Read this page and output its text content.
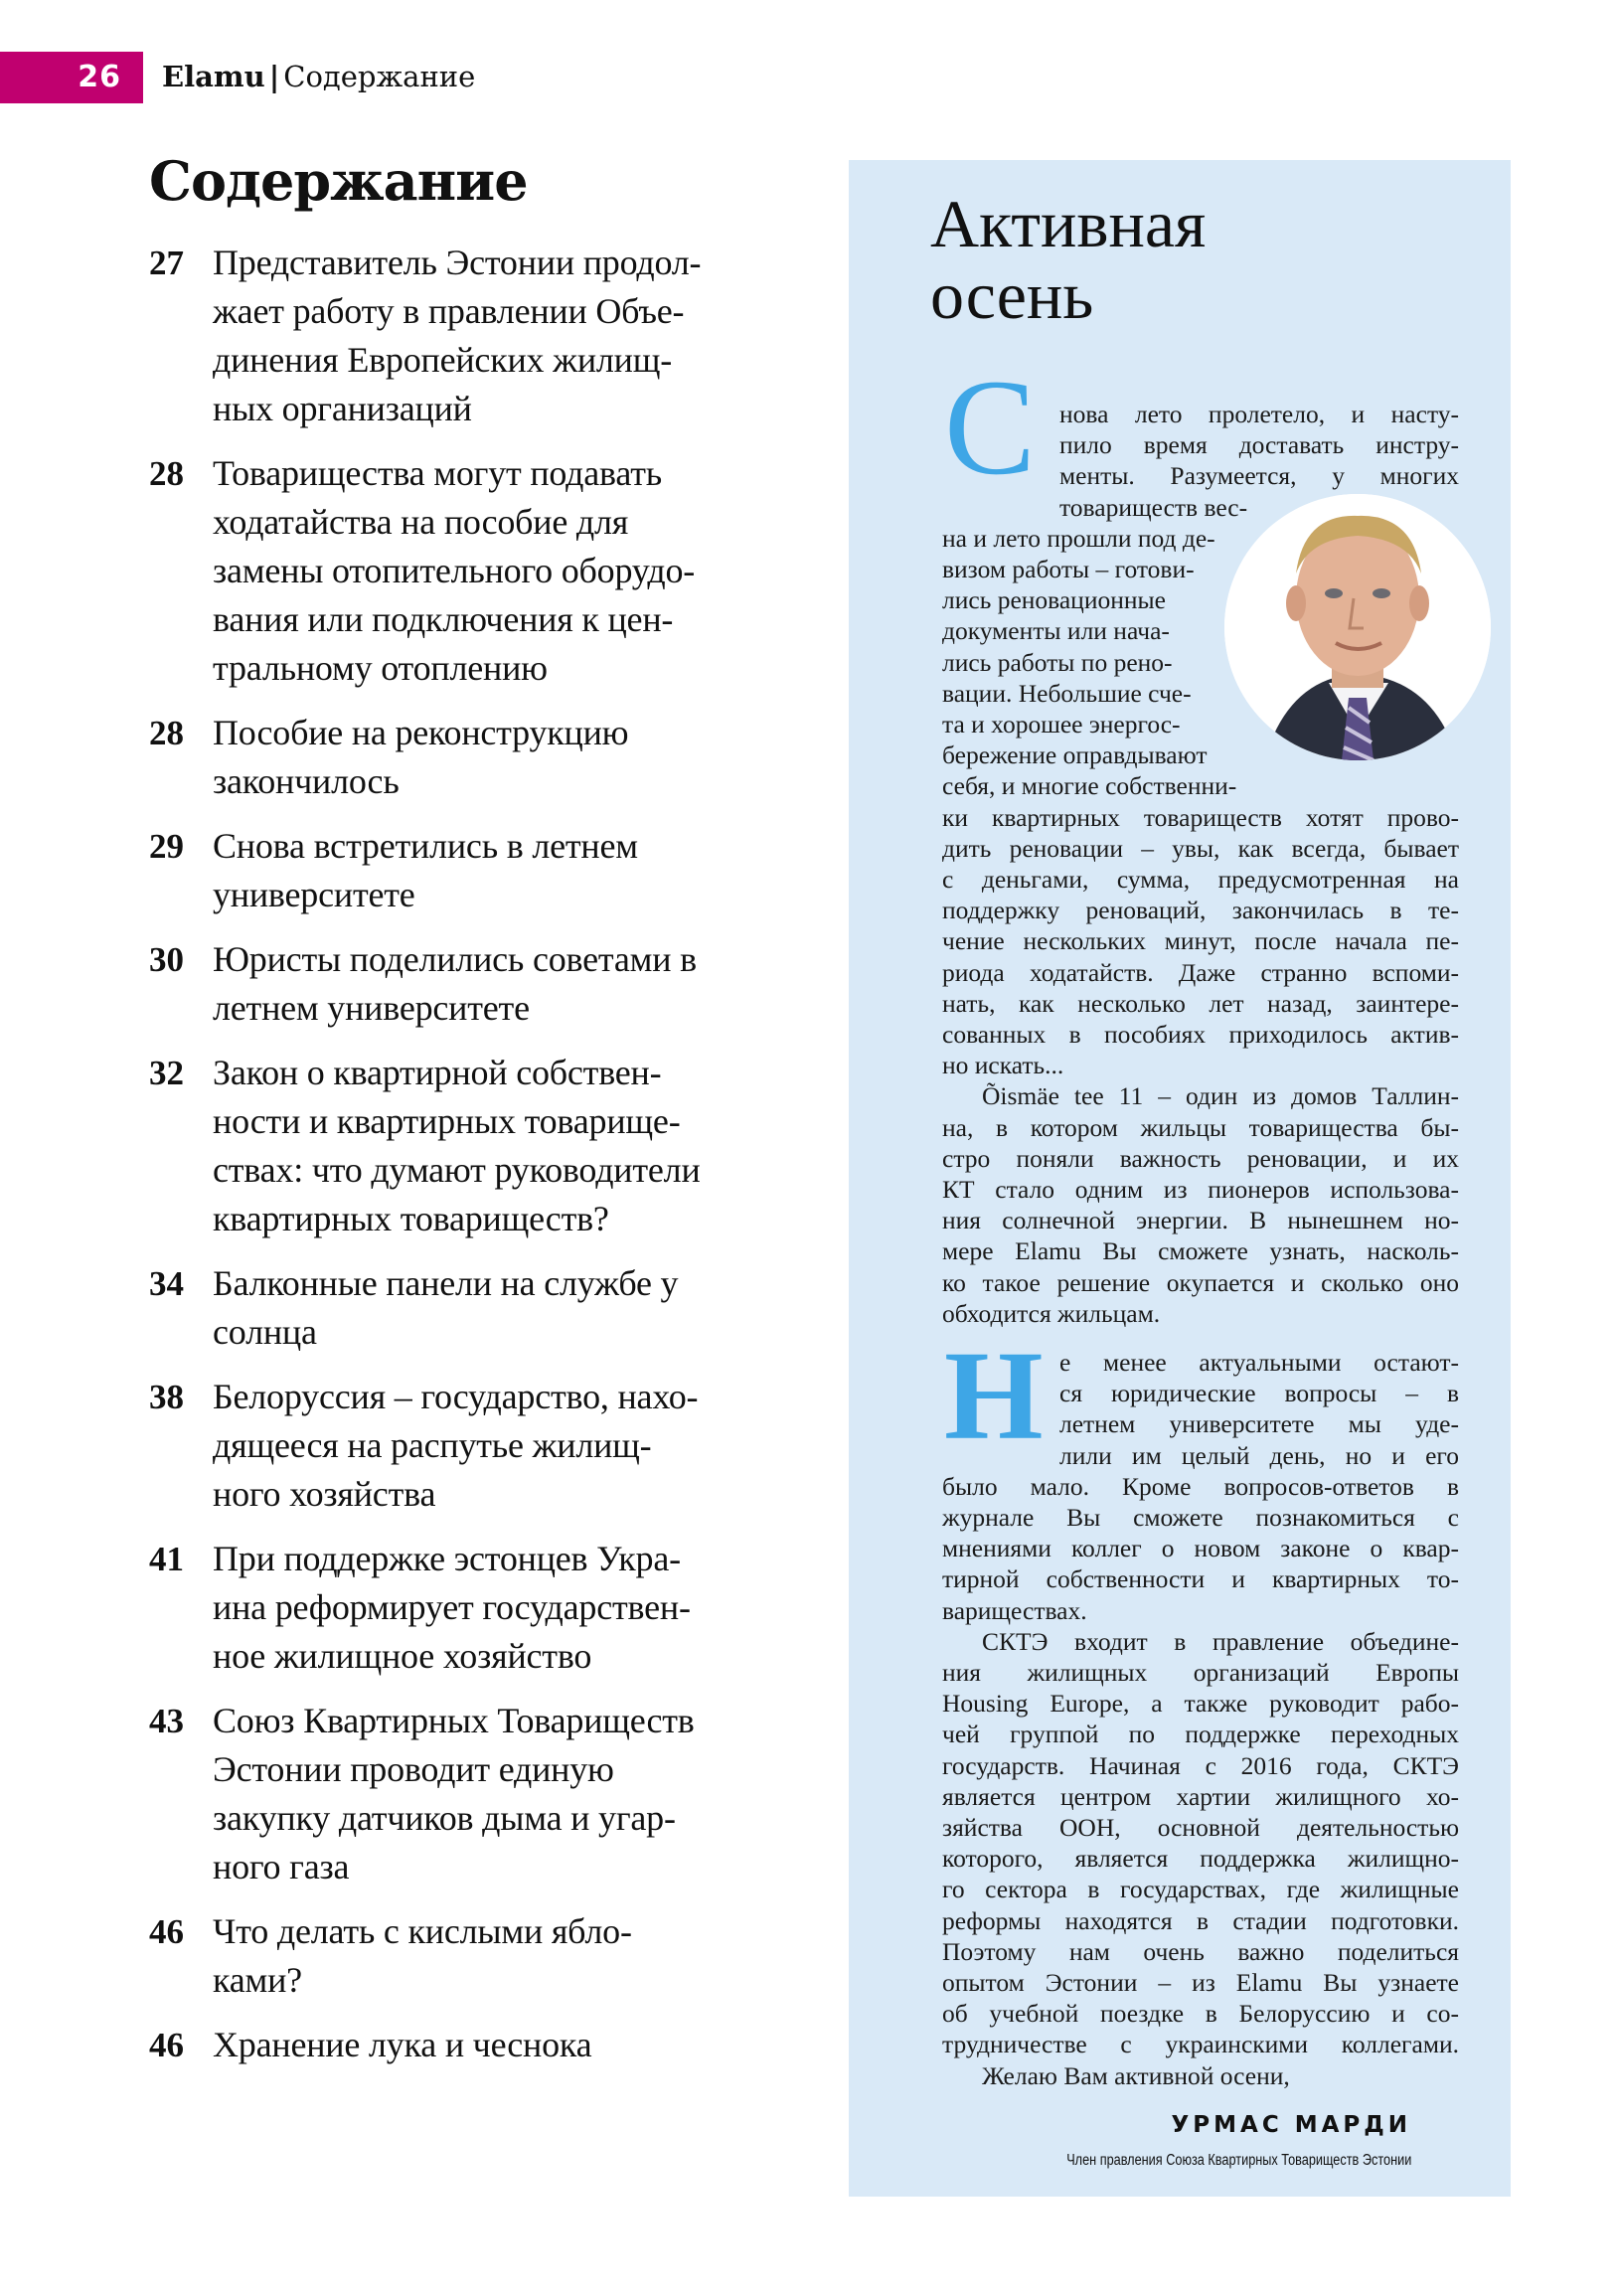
26 Elamu | Содержание
Содержание
27 Представитель Эстонии продол-
жает работу в правлении Объе-
динения Европейских жилищ-
ных организаций
28 Товарищества могут подавать
ходатайства на пособие для
замены отопительного оборудо-
вания или подключения к цен-
тральному отоплению
28 Пособие на реконструкцию
закончилось
29 Снова встретились в летнем
университете
30 Юристы поделились советами в
летнем университете
32 Закон о квартирной собствен-
ности и квартирных товарище-
ствах: что думают руководители
квартирных товариществ?
34 Балконные панели на службе у
солнца
38 Белоруссия – государство, нахо-
дящееся на распутье жилищ-
ного хозяйства
41 При поддержке эстонцев Укра-
ина реформирует государствен-
ное жилищное хозяйство
43 Союз Квартирных Товариществ
Эстонии проводит единую
закупку датчиков дыма и угар-
ного газа
46 Что делать с кислыми ябло-
ками?
46 Хранение лука и чеснока
Активная
осень
С
Н
нова лето пролетело, и насту-
пило время доставать инстру-
менты. Разумеется, у многих
товариществ вес-
на и лето прошли под де-
визом работы – готови-
лись реновационные
документы или нача-
лись работы по рено-
вации. Небольшие сче-
та и хорошее энергос-
бережение оправдывают
себя, и многие собственни-
ки квартирных товариществ хотят прово-
дить реновации – увы, как всегда, бывает
с деньгами, сумма, предусмотренная на
поддержку реноваций, закончилась в те-
чение нескольких минут, после начала пе-
риода ходатайств. Даже странно вспоми-
нать, как несколько лет назад, заинтере-
сованных в пособиях приходилось актив-
но искать...
Õismäe tee 11 – один из домов Таллин-
на, в котором жильцы товарищества бы-
стро поняли важность реновации, и их
КТ стало одним из пионеров использова-
ния солнечной энергии. В нынешнем но-
мере Elamu Вы сможете узнать, насколь-
ко такое решение окупается и сколько оно
обходится жильцам.
е менее актуальными остают-
ся юридические вопросы – в
летнем университете мы уде-
лили им целый день, но и его
было мало. Кроме вопросов-ответов в
журнале Вы сможете познакомиться с
мнениями коллег о новом законе о квар-
тирной собственности и квартирных то-
вариществах.
СКТЭ входит в правление объедине-
ния жилищных организаций Европы
Housing Europe, а также руководит рабо-
чей группой по поддержке переходных
государств. Начиная с 2016 года, СКТЭ
является центром хартии жилищного хо-
зяйства ООН, основной деятельностью
которого, является поддержка жилищно-
го сектора в государствах, где жилищные
реформы находятся в стадии подготовки.
Поэтому нам очень важно поделиться
опытом Эстонии – из Elamu Вы узнаете
об учебной поездке в Белоруссию и со-
трудничестве с украинскими коллегами.
Желаю Вам активной осени,
УРМАС МАРДИ
Член правления Союза Квартирных Товариществ Эстонии
